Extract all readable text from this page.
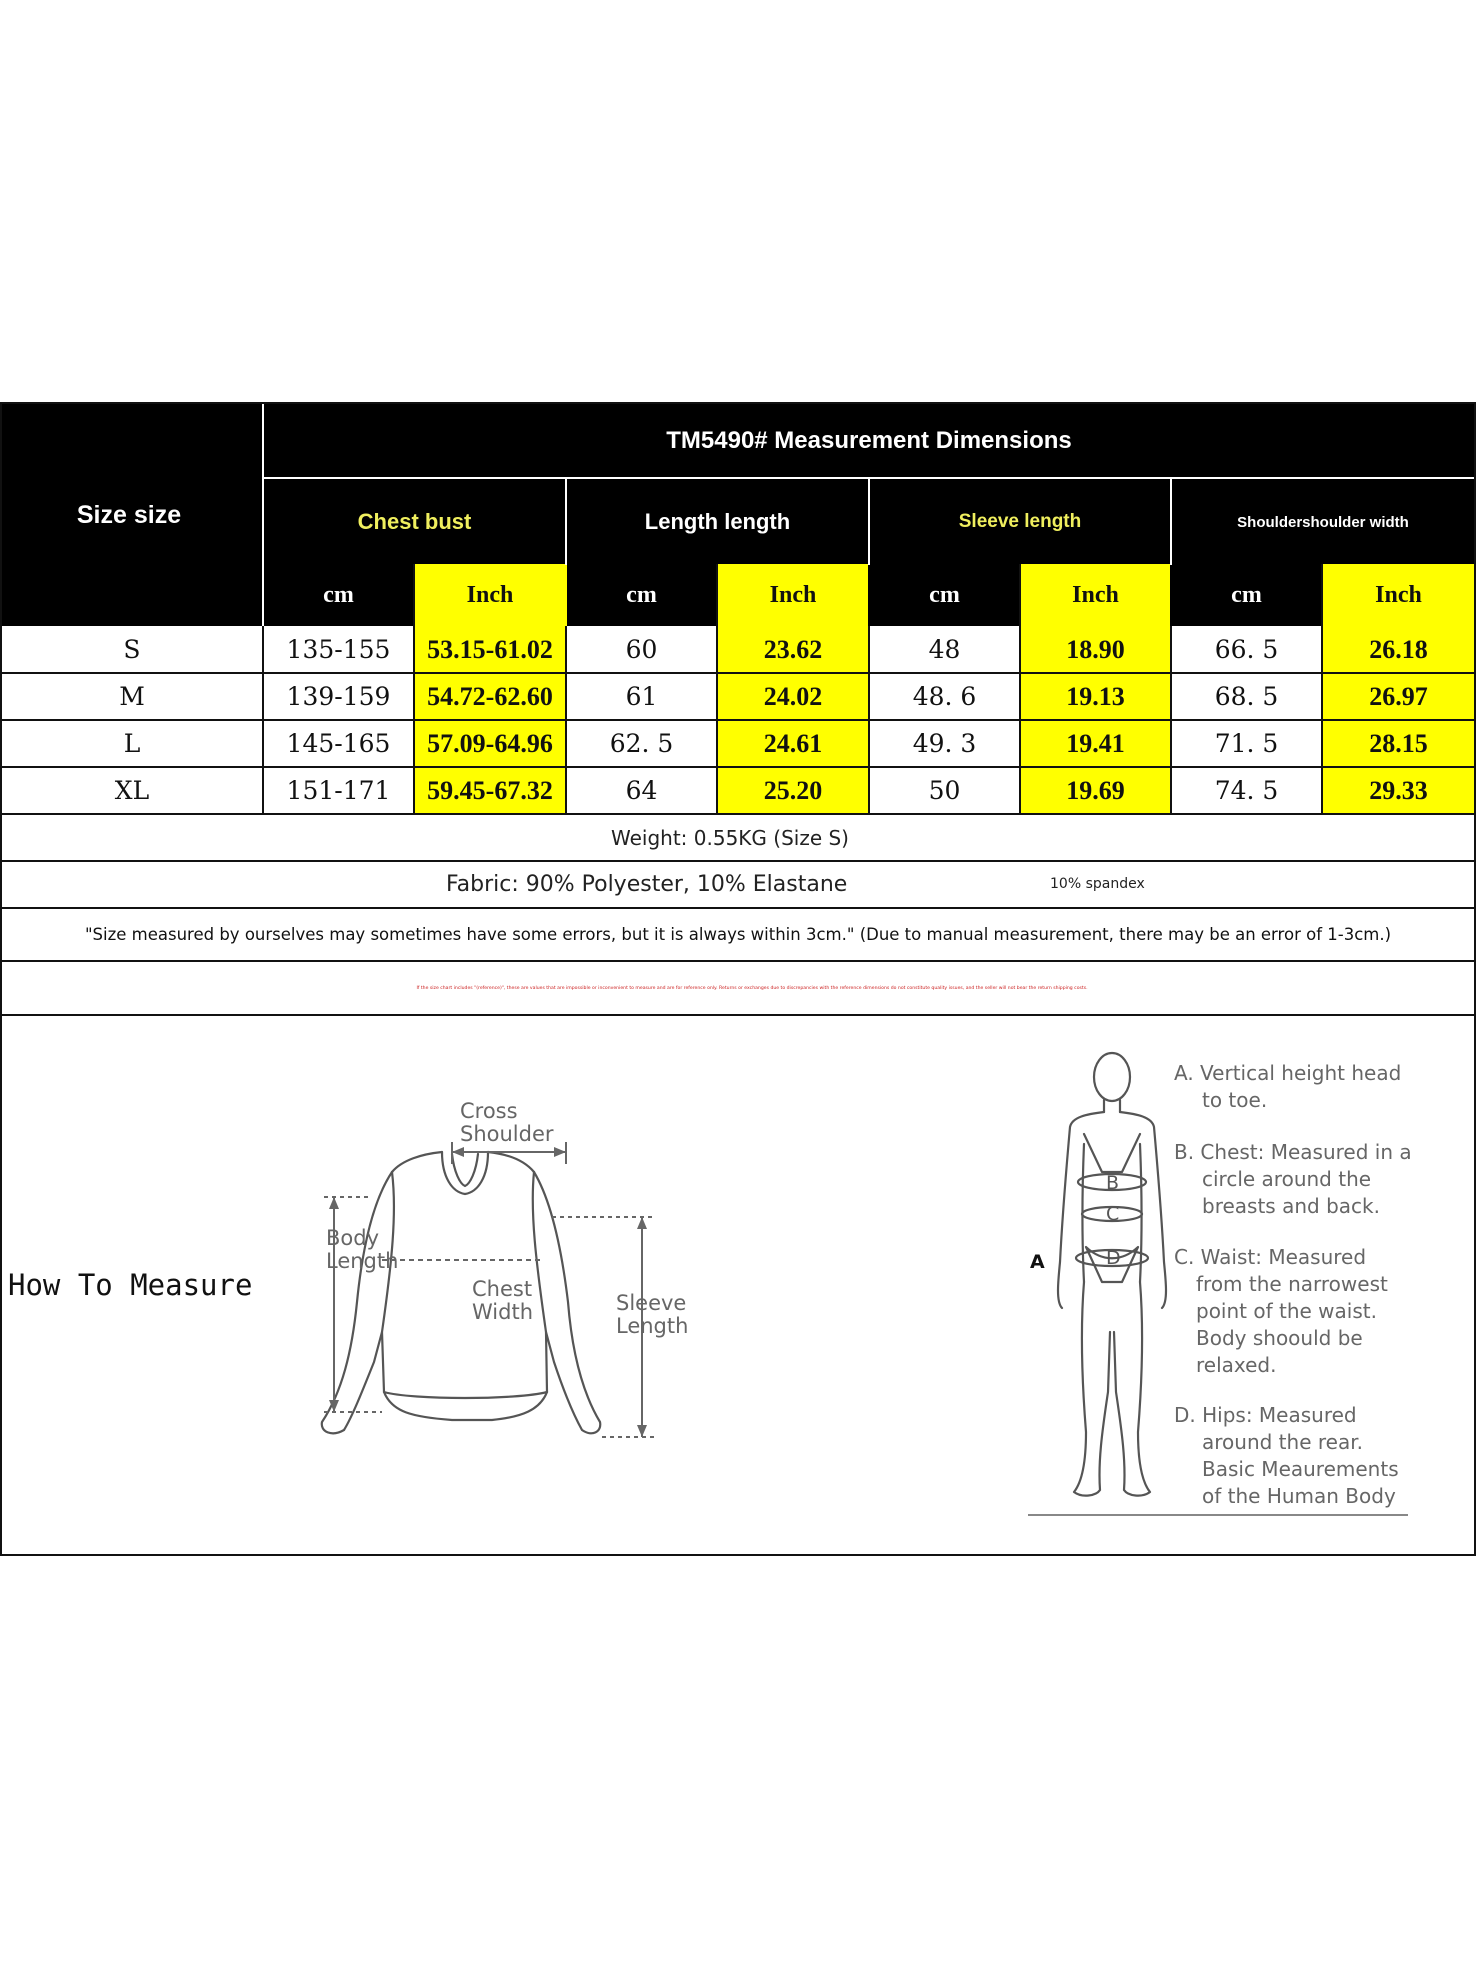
TM5490# Measurement Dimensions
Size size	Chest bust	Length length	Sleeve length	Shouldershoulder width
cm	Inch	cm	Inch	cm	Inch	cm	Inch
S	135-155	53.15-61.02	60	23.62	48	18.90	66. 5	26.18
M	139-159	54.72-62.60	61	24.02	48. 6	19.13	68. 5	26.97
L	145-165	57.09-64.96	62. 5	24.61	49. 3	19.41	71. 5	28.15
XL	151-171	59.45-67.32	64	25.20	50	19.69	74. 5	29.33
Weight: 0.55KG (Size S)
Fabric: 90% Polyester, 10% Elastane	10% spandex
"Size measured by ourselves may sometimes have some errors, but it is always within 3cm." (Due to manual measurement, there may be an error of 1-3cm.)
If the size chart includes "(reference)", these are values that are impossible or inconvenient to measure and are for reference only. Returns or exchanges due to discrepancies with the reference dimensions do not constitute quality issues, and the seller will not bear the return shipping costs.
How To Measure
Cross
Shoulder
Body
Length
Chest
Width	Sleeve
Length
B
C
D
A
A. Vertical height head
to toe.
B. Chest: Measured in a
circle around the
breasts and back.
C. Waist: Measured
from the narrowest
point of the waist.
Body shoould be
relaxed.
D. Hips: Measured
around the rear.
Basic Meaurements
of the Human Body
